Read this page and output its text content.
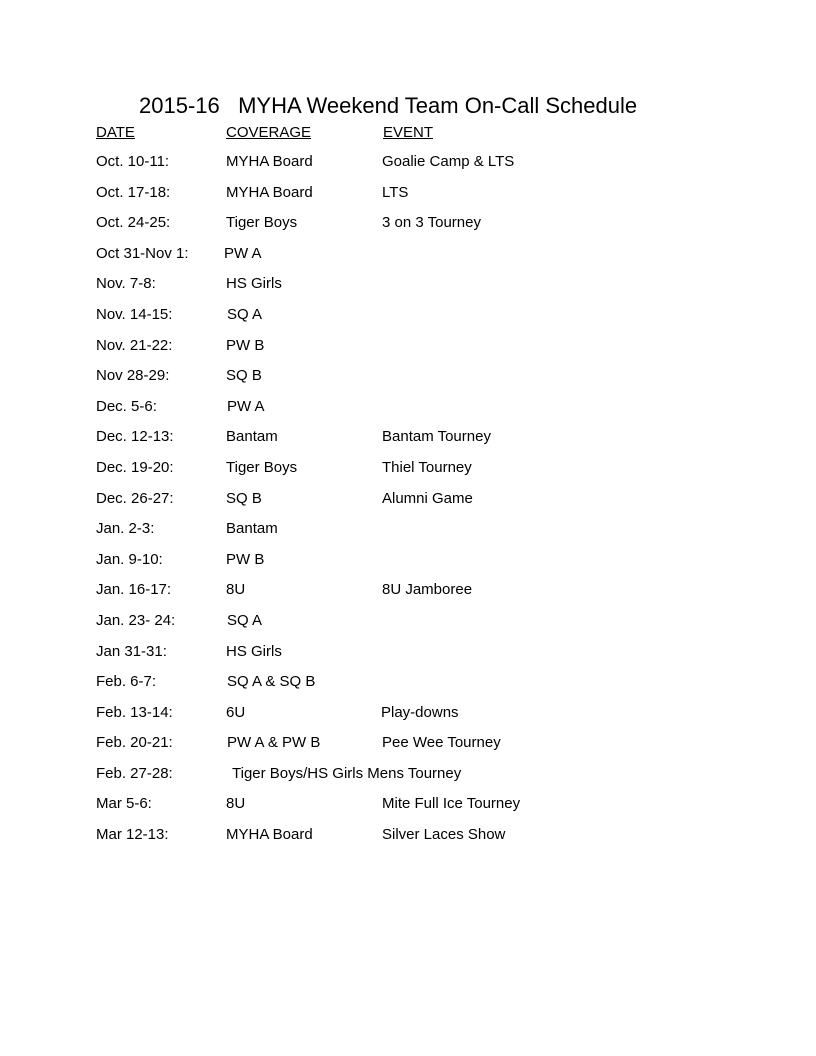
2015-16   MYHA Weekend Team On-Call Schedule
DATE	COVERAGE	EVENT
Oct. 10-11:	MYHA Board	Goalie Camp & LTS
Oct. 17-18:	MYHA Board	LTS
Oct. 24-25:	Tiger Boys	3 on 3 Tourney
Oct 31-Nov 1: PW A
Nov. 7-8:	HS Girls
Nov. 14-15:	SQ A
Nov. 21-22:	PW B
Nov 28-29:	SQ B
Dec. 5-6:	PW A
Dec. 12-13:	Bantam	Bantam Tourney
Dec. 19-20:	Tiger Boys	Thiel Tourney
Dec. 26-27:	SQ B	Alumni Game
Jan. 2-3:	Bantam
Jan. 9-10:	PW B
Jan. 16-17:	8U	8U Jamboree
Jan. 23- 24:	SQ A
Jan 31-31:	HS Girls
Feb. 6-7:	SQ A & SQ B
Feb. 13-14:	6U	Play-downs
Feb. 20-21:	PW A & PW B	Pee Wee Tourney
Feb. 27-28:	Tiger Boys/HS Girls Mens Tourney
Mar 5-6:	8U	Mite Full Ice Tourney
Mar 12-13:	MYHA Board	Silver Laces Show
